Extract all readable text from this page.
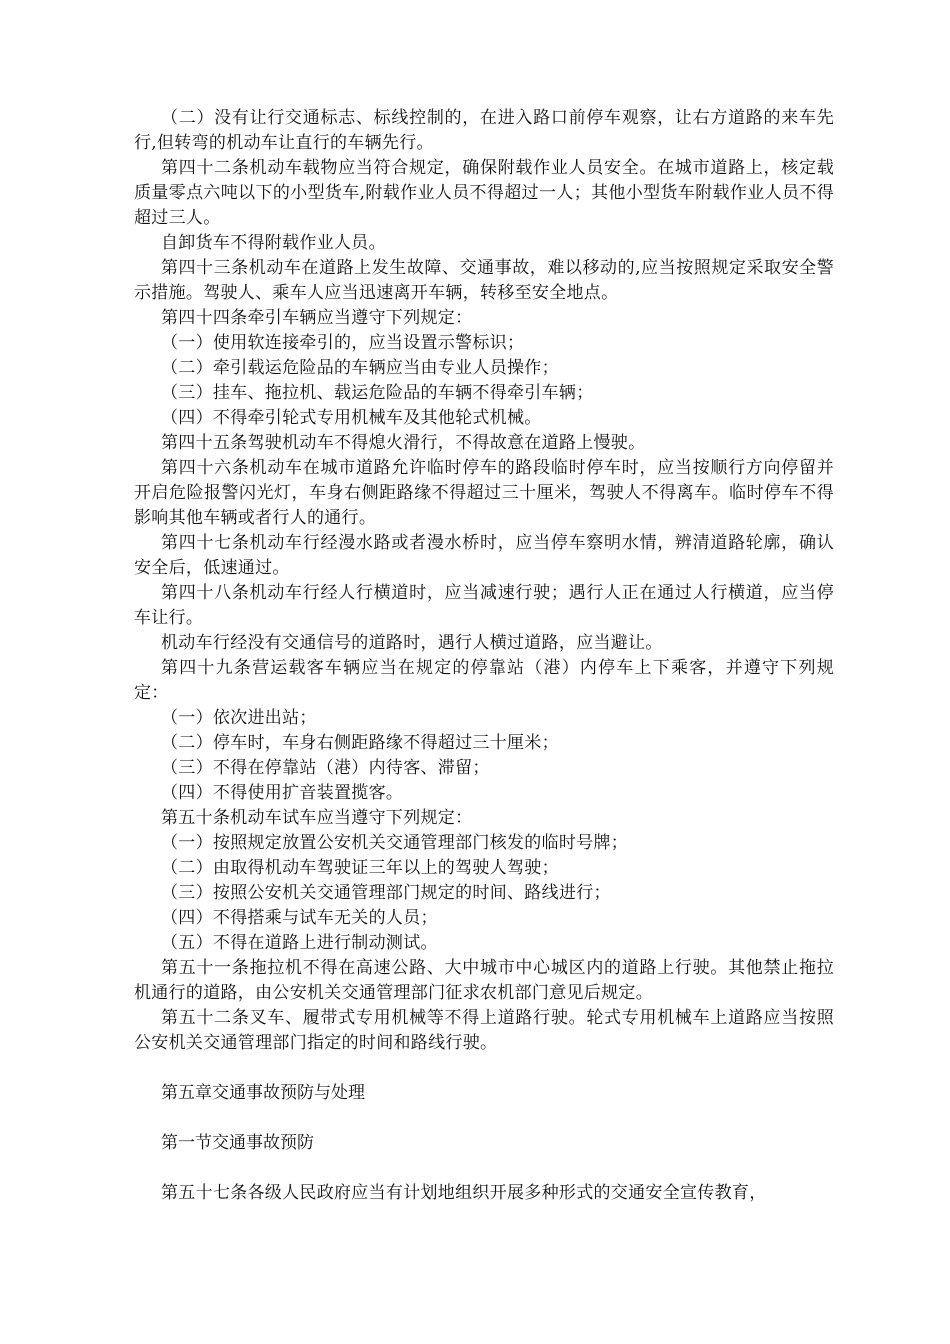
（二）没有让行交通标志、标线控制的，在进入路口前停车观察，让右方道路的来车先行,但转弯的机动车让直行的车辆先行。

第四十二条机动车载物应当符合规定，确保附载作业人员安全。在城市道路上，核定载质量零点六吨以下的小型货车,附载作业人员不得超过一人；其他小型货车附载作业人员不得超过三人。

自卸货车不得附载作业人员。

第四十三条机动车在道路上发生故障、交通事故，难以移动的,应当按照规定采取安全警示措施。驾驶人、乘车人应当迅速离开车辆，转移至安全地点。

第四十四条牵引车辆应当遵守下列规定：

（一）使用软连接牵引的，应当设置示警标识；

（二）牵引载运危险品的车辆应当由专业人员操作；

（三）挂车、拖拉机、载运危险品的车辆不得牵引车辆；

（四）不得牵引轮式专用机械车及其他轮式机械。

第四十五条驾驶机动车不得熄火滑行，不得故意在道路上慢驶。

第四十六条机动车在城市道路允许临时停车的路段临时停车时，应当按顺行方向停留并开启危险报警闪光灯，车身右侧距路缘不得超过三十厘米，驾驶人不得离车。临时停车不得影响其他车辆或者行人的通行。

第四十七条机动车行经漫水路或者漫水桥时，应当停车察明水情，辨清道路轮廓，确认安全后，低速通过。

第四十八条机动车行经人行横道时，应当减速行驶；遇行人正在通过人行横道，应当停车让行。

机动车行经没有交通信号的道路时，遇行人横过道路，应当避让。

第四十九条营运载客车辆应当在规定的停靠站（港）内停车上下乘客，并遵守下列规定：

（一）依次进出站；

（二）停车时，车身右侧距路缘不得超过三十厘米；

（三）不得在停靠站（港）内待客、滞留；

（四）不得使用扩音装置揽客。

第五十条机动车试车应当遵守下列规定：

（一）按照规定放置公安机关交通管理部门核发的临时号牌；

（二）由取得机动车驾驶证三年以上的驾驶人驾驶；

（三）按照公安机关交通管理部门规定的时间、路线进行；

（四）不得搭乘与试车无关的人员；

（五）不得在道路上进行制动测试。

第五十一条拖拉机不得在高速公路、大中城市中心城区内的道路上行驶。其他禁止拖拉机通行的道路，由公安机关交通管理部门征求农机部门意见后规定。

第五十二条叉车、履带式专用机械等不得上道路行驶。轮式专用机械车上道路应当按照公安机关交通管理部门指定的时间和路线行驶。

第五章交通事故预防与处理

第一节交通事故预防

第五十七条各级人民政府应当有计划地组织开展多种形式的交通安全宣传教育，
